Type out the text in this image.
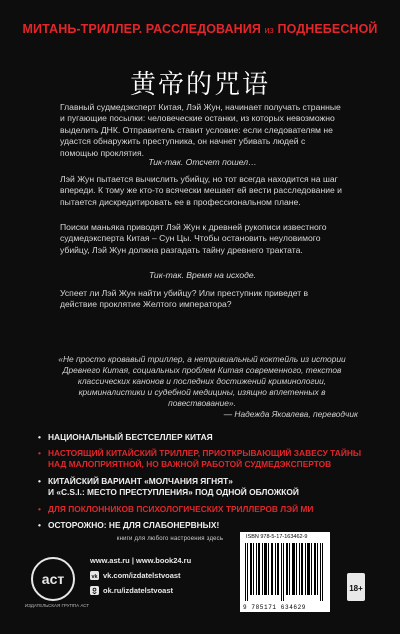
МИТАНЬ-ТРИЛЛЕР. РАССЛЕДОВАНИЯ из ПОДНЕБЕСНОЙ
黄帝的咒语
Главный судмедэксперт Китая, Лэй Жун, начинает получать странные и пугающие посылки: человеческие останки, из которых невозможно выделить ДНК. Отправитель ставит условие: если следователям не удастся обнаружить преступника, он начнет убивать людей с помощью проклятия.
Тик-так. Отсчет пошел…
Лэй Жун пытается вычислить убийцу, но тот всегда находится на шаг впереди. К тому же кто-то всячески мешает ей вести расследование и пытается дискредитировать ее в профессиональном плане.
Поиски маньяка приводят Лэй Жун к древней рукописи известного судмедэксперта Китая – Сун Цы. Чтобы остановить неуловимого убийцу, Лэй Жун должна разгадать тайну древнего трактата.
Тик-так. Время на исходе.
Успеет ли Лэй Жун найти убийцу? Или преступник приведет в действие проклятие Желтого императора?
«Не просто кровавый триллер, а нетривиальный коктейль из истории Древнего Китая, социальных проблем Китая современного, текстов классических канонов и последних достижений криминологии, криминалистики и судебной медицины, изящно вплетенных в повествование».
— Надежда Яковлева, переводчик
• НАЦИОНАЛЬНЫЙ БЕСТСЕЛЛЕР КИТАЯ
• НАСТОЯЩИЙ КИТАЙСКИЙ ТРИЛЛЕР, ПРИОТКРЫВАЮЩИЙ ЗАВЕСУ ТАЙНЫ
НАД МАЛОПРИЯТНОЙ, НО ВАЖНОЙ РАБОТОЙ СУДМЕДЭКСПЕРТОВ
• КИТАЙСКИЙ ВАРИАНТ «МОЛЧАНИЯ ЯГНЯТ»
И «C.S.I.: МЕСТО ПРЕСТУПЛЕНИЯ» ПОД ОДНОЙ ОБЛОЖКОЙ
• ДЛЯ ПОКЛОННИКОВ ПСИХОЛОГИЧЕСКИХ ТРИЛЛЕРОВ ЛЭЙ МИ
• ОСТОРОЖНО: НЕ ДЛЯ СЛАБОНЕРВНЫХ!
книги для любого настроения здесь
аст
ИЗДАТЕЛЬСКАЯ ГРУППА АСТ
www.ast.ru | www.book24.ru
vk vk.com/izdatelstvoast
ok.ru/izdatelstvoast
ISBN 978-5-17-163462-9
9 785171 634629
18+
